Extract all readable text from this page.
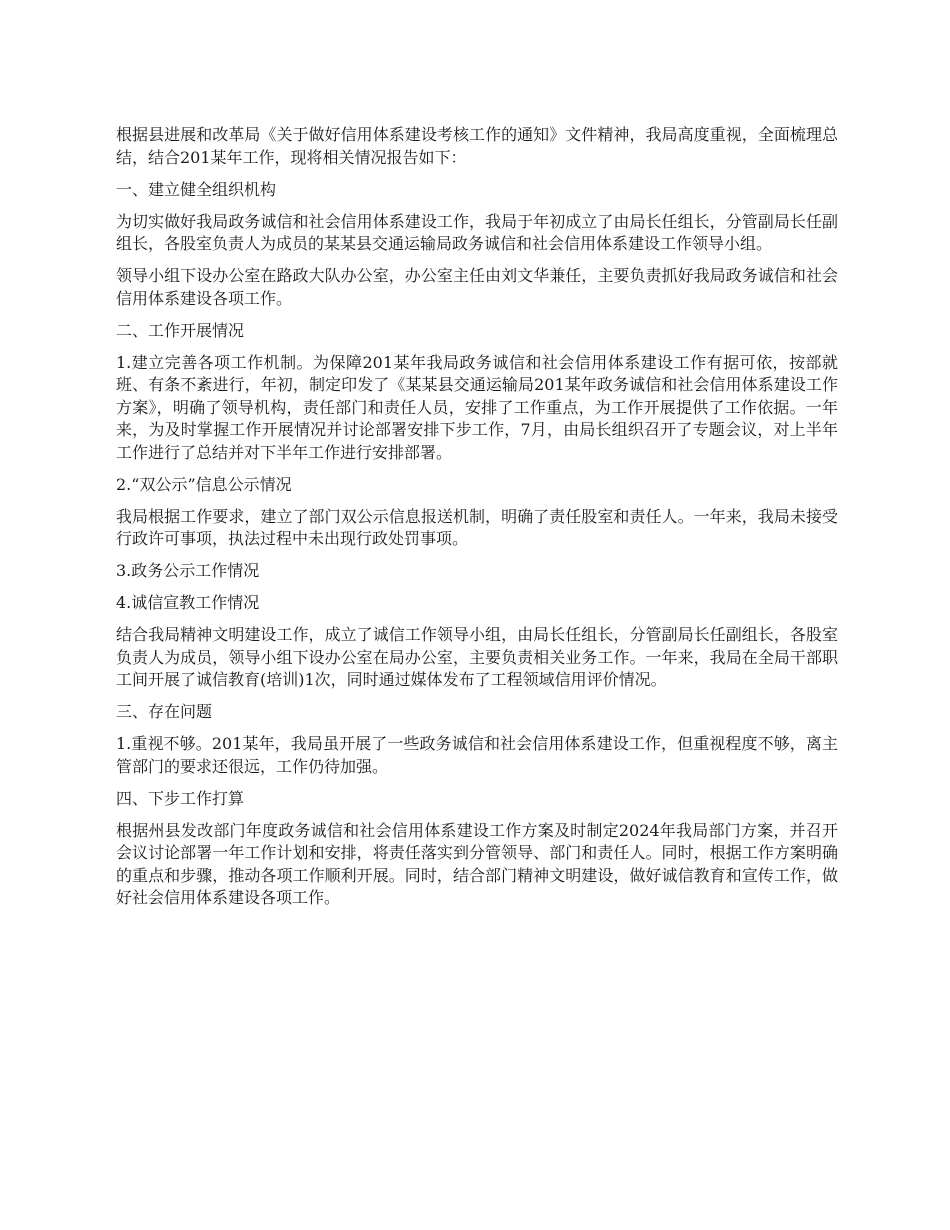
根据县进展和改革局《关于做好信用体系建设考核工作的通知》文件精神，我局高度重视，全面梳理总结，结合201某年工作，现将相关情况报告如下：

一、建立健全组织机构

为切实做好我局政务诚信和社会信用体系建设工作，我局于年初成立了由局长任组长，分管副局长任副组长，各股室负责人为成员的某某县交通运输局政务诚信和社会信用体系建设工作领导小组。

领导小组下设办公室在路政大队办公室，办公室主任由刘文华兼任，主要负责抓好我局政务诚信和社会信用体系建设各项工作。

二、工作开展情况

1.建立完善各项工作机制。为保障201某年我局政务诚信和社会信用体系建设工作有据可依，按部就班、有条不紊进行，年初，制定印发了《某某县交通运输局201某年政务诚信和社会信用体系建设工作方案》，明确了领导机构，责任部门和责任人员，安排了工作重点，为工作开展提供了工作依据。一年来，为及时掌握工作开展情况并讨论部署安排下步工作，7月，由局长组织召开了专题会议，对上半年工作进行了总结并对下半年工作进行安排部署。

2.“双公示”信息公示情况

我局根据工作要求，建立了部门双公示信息报送机制，明确了责任股室和责任人。一年来，我局未接受行政许可事项，执法过程中未出现行政处罚事项。

3.政务公示工作情况

4.诚信宣教工作情况

结合我局精神文明建设工作，成立了诚信工作领导小组，由局长任组长，分管副局长任副组长，各股室负责人为成员，领导小组下设办公室在局办公室，主要负责相关业务工作。一年来，我局在全局干部职工间开展了诚信教育(培训)1次，同时通过媒体发布了工程领域信用评价情况。

三、存在问题

1.重视不够。201某年，我局虽开展了一些政务诚信和社会信用体系建设工作，但重视程度不够，离主管部门的要求还很远，工作仍待加强。

四、下步工作打算

根据州县发改部门年度政务诚信和社会信用体系建设工作方案及时制定2024年我局部门方案，并召开会议讨论部署一年工作计划和安排，将责任落实到分管领导、部门和责任人。同时，根据工作方案明确的重点和步骤，推动各项工作顺利开展。同时，结合部门精神文明建设，做好诚信教育和宣传工作，做好社会信用体系建设各项工作。
